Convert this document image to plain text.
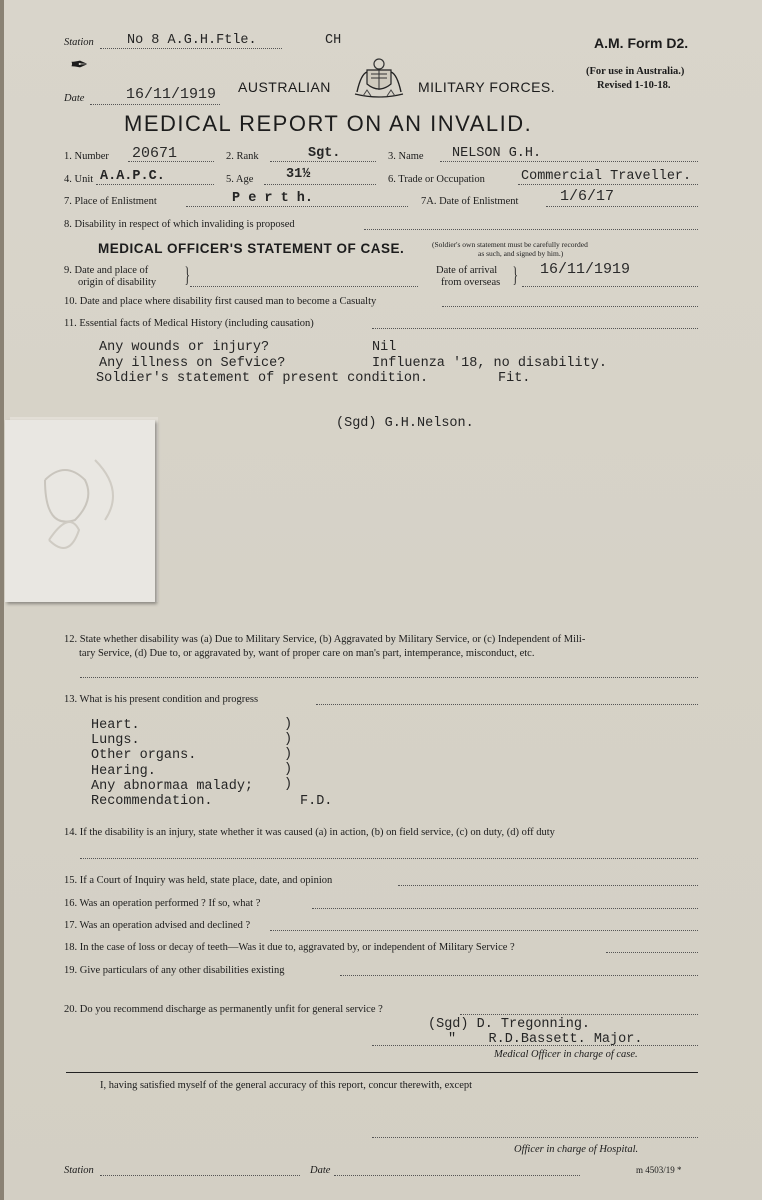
Station No 8 A.G.H.Ftle.	CH	A.M. Form D2.
(For use in Australia.)
Revised 1-10-18.
✒
Date	16/11/1919 AUSTRALIAN	MILITARY FORCES.
MEDICAL REPORT ON AN INVALID.
1. Number 20671	2. Rank	Sgt.	3. Name NELSON G.H.
4. Unit A.A.P.C.	5. Age 31½	6. Trade or Occupation	Commercial Traveller.
7. Place of Enlistment	P e r t h.	7A. Date of Enlistment	1/6/17
8. Disability in respect of which invaliding is proposed
MEDICAL OFFICER'S STATEMENT OF CASE.	(Soldier's own statement must be carefully recorded
as such, and signed by him.)
9. Date and place of
origin of disability }	Date of arrival
from overseas } 16/11/1919
10. Date and place where disability first caused man to become a Casualty
11. Essential facts of Medical History (including causation)
Any wounds or injury?	Nil
Any illness on Sefvice?	Influenza '18, no disability.
Soldier's statement of present condition.	Fit.
(Sgd) G.H.Nelson.
12. State whether disability was (a) Due to Military Service, (b) Aggravated by Military Service, or (c) Independent of Mili-
tary Service, (d) Due to, or aggravated by, want of proper care on man's part, intemperance, misconduct, etc.
13. What is his present condition and progress
Heart.
Lungs.
Other organs.
Hearing.
Any abnormaa malady;
Recommendation.	F.D.
)
)
)
)
)
14. If the disability is an injury, state whether it was caused (a) in action, (b) on field service, (c) on duty, (d) off duty
15. If a Court of Inquiry was held, state place, date, and opinion
16. Was an operation performed ? If so, what ?
17. Was an operation advised and declined ?
18. In the case of loss or decay of teeth—Was it due to, aggravated by, or independent of Military Service ?
19. Give particulars of any other disabilities existing
20. Do you recommend discharge as permanently unfit for general service ?
(Sgd) D. Tregonning.
"    R.D.Bassett. Major.
Medical Officer in charge of case.
I, having satisfied myself of the general accuracy of this report, concur therewith, except
Officer in charge of Hospital.
Station	Date	m 4503/19 *
